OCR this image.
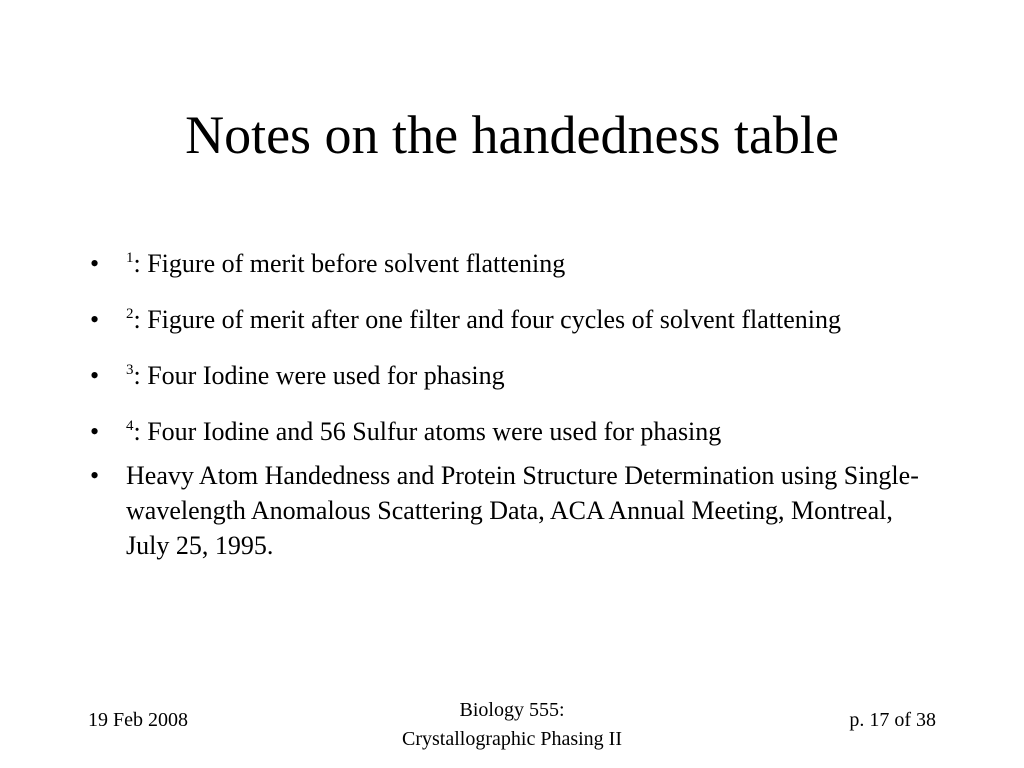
Notes on the handedness table
• $^1$: Figure of merit before solvent flattening
• $^2$: Figure of merit after one filter and four cycles of solvent flattening
• $^3$: Four Iodine were used for phasing
• $^4$: Four Iodine and 56 Sulfur atoms were used for phasing
• Heavy Atom Handedness and Protein Structure Determination using Single-wavelength Anomalous Scattering Data, ACA Annual Meeting, Montreal, July 25, 1995.
19 Feb 2008	Biology 555:
Crystallographic Phasing II
p. 17 of 38
